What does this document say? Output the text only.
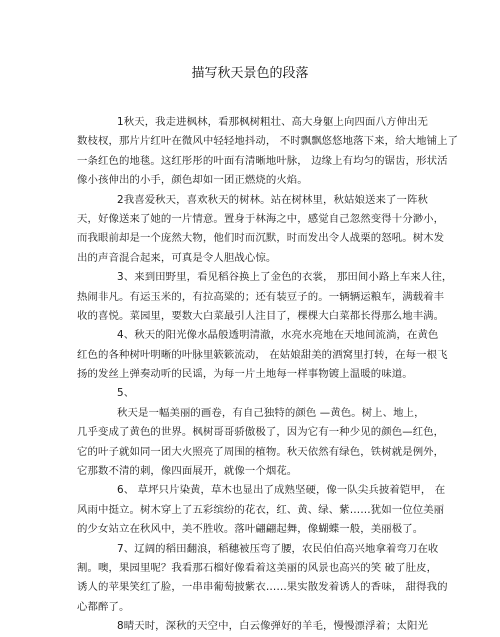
描写秋天景色的段落
1秋天，我走进枫林，看那枫树粗壮、高大身躯上向四面八方伸出无
数枝杈，那片片红叶在微风中轻轻地抖动， 不时飘飘悠悠地落下来，给大地铺上了
一条红色的地毯。这红彤彤的叶面有清晰地叶脉， 边缘上有均匀的锯齿，形状活
像小孩伸出的小手，颜色却如一团正燃烧的火焰。
2我喜爱秋天，喜欢秋天的树林。站在树林里，秋姑娘送来了一阵秋
天，好像送来了她的一片情意。置身于林海之中，感觉自己忽然变得十分渺小，
而我眼前却是一个庞然大物，他们时而沉默，时而发出令人战栗的怒吼。树木发
出的声音混合起来，可真是令人胆战心惊。
3、来到田野里，看见稻谷换上了金色的衣裳， 那田间小路上车来人往，
热闹非凡。有运玉米的，有拉高粱的；还有装豆子的。一辆辆运粮车，满载着丰
收的喜悦。菜园里，要数大白菜最引人注目了，棵棵大白菜都长得那么地丰满。
4、秋天的阳光像水晶般透明清澈，水亮水亮地在天地间流淌，在黄色
红色的各种树叶明晰的叶脉里簌簌流动， 在姑娘甜美的酒窝里打转，在每一根飞
扬的发丝上弹奏动听的民谣，为每一片土地每一样事物镀上温暖的味道。
5、
秋天是一幅美丽的画卷，有自己独特的颜色 —黄色。树上、地上，
几乎变成了黄色的世界。枫树哥哥骄傲极了，因为它有一种少见的颜色—红色，
它的叶子就如同一团大火照亮了周围的植物。秋天依然有绿色，铁树就是例外，
它那数不清的刺，像四面展开，就像一个烟花。
6、 草坪只片染黄，草木也显出了成熟坚硬，像一队尖兵披着铠甲， 在
风雨中挺立。树木穿上了五彩缤纷的花衣，红、黄、绿、紫……犹如一位位美丽
的少女站立在秋风中，美不胜收。落叶翩翩起舞，像蝴蝶一般，美丽极了。
7、辽阔的稻田翻浪，稻穗被压弯了腰，农民伯伯高兴地拿着弯刀在收
割。噢，果园里呢？我看那石榴好像看着这美丽的风景也高兴的笑 破了肚皮，
诱人的苹果笑红了脸，一串串葡萄披紫衣……果实散发着诱人的香味， 甜得我的
心都醉了。
8晴天时，深秋的天空中，白云像弹好的羊毛，慢慢漂浮着；太阳光
